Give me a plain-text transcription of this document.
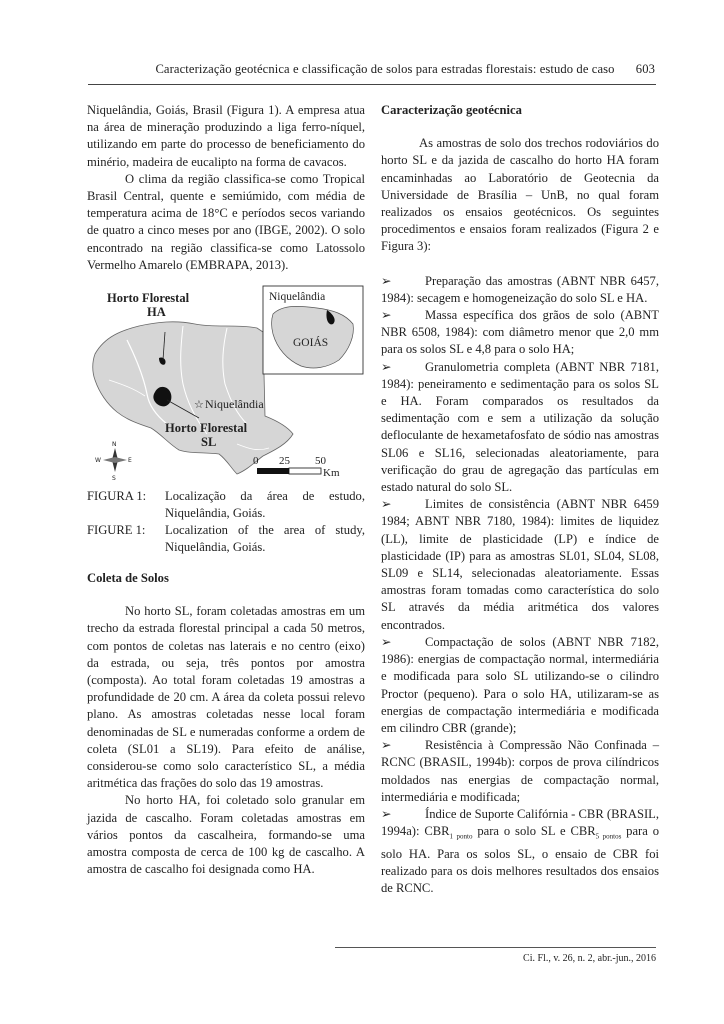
Caracterização geotécnica e classificação de solos para estradas florestais: estudo de caso 603

Niquelândia, Goiás, Brasil (Figura 1). A empresa atua na área de mineração produzindo a liga ferro-níquel, utilizando em parte do processo de beneficiamento do minério, madeira de eucalipto na forma de cavacos.

O clima da região classifica-se como Tropical Brasil Central, quente e semiúmido, com média de temperatura acima de 18°C e períodos secos variando de quatro a cinco meses por ano (IBGE, 2002). O solo encontrado na região classifica-se como Latossolo Vermelho Amarelo (EMBRAPA, 2013).

☆
Horto Florestal
HA
Niquelândia
Horto Florestal
SL
Niquelândia
GOIÁS
N
S
E
W	0 25 50
Km
FIGURA 1:	Localização da área de estudo, Niquelândia, Goiás.
FIGURE 1:	Localization of the area of study, Niquelândia, Goiás.

Coleta de Solos

No horto SL, foram coletadas amostras em um trecho da estrada florestal principal a cada 50 metros, com pontos de coletas nas laterais e no centro (eixo) da estrada, ou seja, três pontos por amostra (composta). Ao total foram coletadas 19 amostras a profundidade de 20 cm. A área da coleta possui relevo plano. As amostras coletadas nesse local foram denominadas de SL e numeradas conforme a ordem de coleta (SL01 a SL19). Para efeito de análise, considerou-se como solo característico SL, a média aritmética das frações do solo das 19 amostras.

No horto HA, foi coletado solo granular em jazida de cascalho. Foram coletadas amostras em vários pontos da cascalheira, formando-se uma amostra composta de cerca de 100 kg de cascalho. A amostra de cascalho foi designada como HA.

Caracterização geotécnica

As amostras de solo dos trechos rodoviários do horto SL e da jazida de cascalho do horto HA foram encaminhadas ao Laboratório de Geotecnia da Universidade de Brasília – UnB, no qual foram realizados os ensaios geotécnicos. Os seguintes procedimentos e ensaios foram realizados (Figura 2 e Figura 3):

➢	Preparação das amostras (ABNT NBR 6457, 1984): secagem e homogeneização do solo SL e HA.

➢	Massa específica dos grãos de solo (ABNT NBR 6508, 1984): com diâmetro menor que 2,0 mm para os solos SL e 4,8 para o solo HA;

➢	Granulometria completa (ABNT NBR 7181, 1984): peneiramento e sedimentação para os solos SL e HA. Foram comparados os resultados da sedimentação com e sem a utilização da solução defloculante de hexametafosfato de sódio nas amostras SL06 e SL16, selecionadas aleatoriamente, para verificação do grau de agregação das partículas em estado natural do solo SL.

➢	Limites de consistência (ABNT NBR 6459 1984; ABNT NBR 7180, 1984): limites de liquidez (LL), limite de plasticidade (LP) e índice de plasticidade (IP) para as amostras SL01, SL04, SL08, SL09 e SL14, selecionadas aleatoriamente. Essas amostras foram tomadas como característica do solo SL através da média aritmética dos valores encontrados.

➢	Compactação de solos (ABNT NBR 7182, 1986): energias de compactação normal, intermediária e modificada para solo SL utilizando-se o cilindro Proctor (pequeno). Para o solo HA, utilizaram-se as energias de compactação intermediária e modificada em cilindro CBR (grande);

➢	Resistência à Compressão Não Confinada – RCNC (BRASIL, 1994b): corpos de prova cilíndricos moldados nas energias de compactação normal, intermediária e modificada;

➢	Índice de Suporte Califórnia - CBR (BRASIL, 1994a): $CBR_{1 ponto}$ para o solo SL e $CBR_{5 pontos}$ para o solo HA. Para os solos SL, o ensaio de CBR foi realizado para os dois melhores resultados dos ensaios de RCNC.

Ci. Fl., v. 26, n. 2, abr.-jun., 2016
